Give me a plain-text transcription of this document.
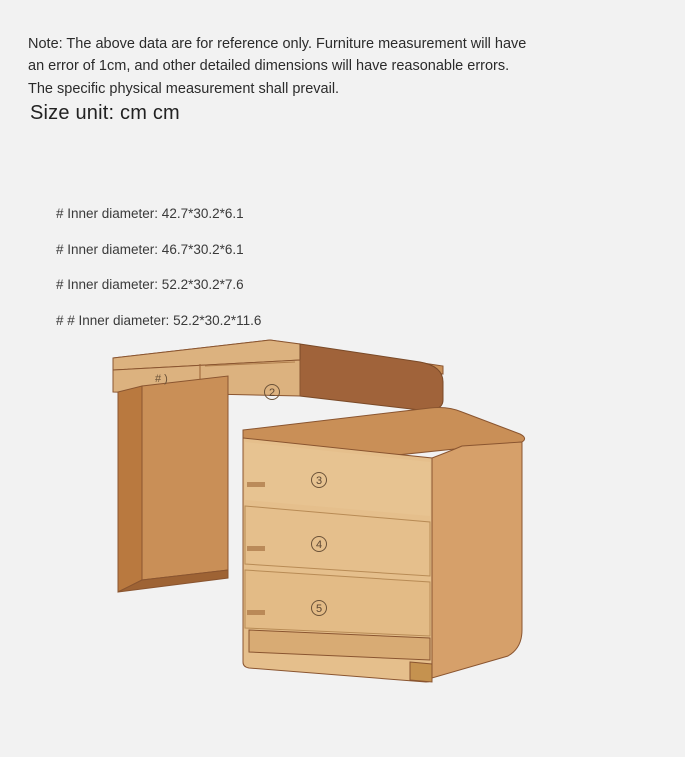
Note: The above data are for reference only. Furniture measurement will have an error of 1cm, and other detailed dimensions will have reasonable errors. The specific physical measurement shall prevail.
Size unit: cm cm
# Inner diameter: 42.7*30.2*6.1
# Inner diameter: 46.7*30.2*6.1
# Inner diameter: 52.2*30.2*7.6
# # Inner diameter: 52.2*30.2*11.6
# )
2
3
4
5
